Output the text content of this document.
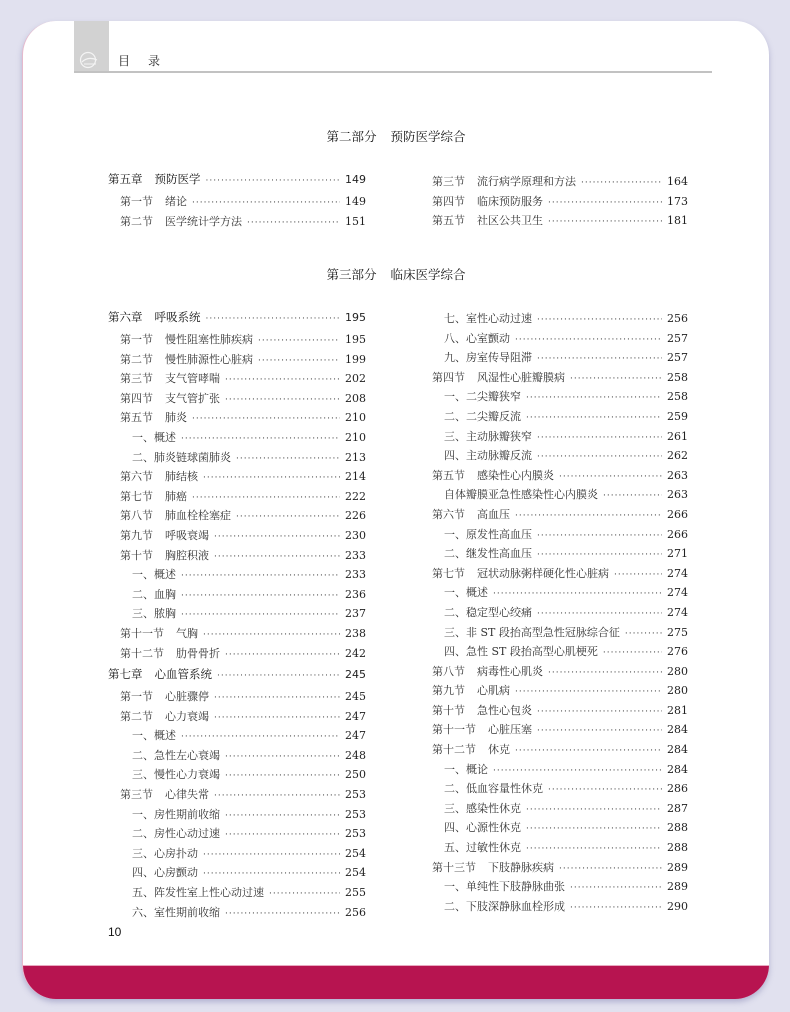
目 录
第二部分 预防医学综合
第五章 预防医学 ·····	149
第一节 绪论 ·····	149
第二节 医学统计学方法 ·····	151
第三节 流行病学原理和方法 ·····	164
第四节 临床预防服务 ·····	173
第五节 社区公共卫生 ·····	181
第三部分 临床医学综合
第六章 呼吸系统 ·····	195
第一节 慢性阻塞性肺疾病 ·····	195
第二节 慢性肺源性心脏病 ·····	199
第三节 支气管哮喘 ·····	202
第四节 支气管扩张 ·····	208
第五节 肺炎 ·····	210
一、概述 ·····	210
二、肺炎链球菌肺炎 ·····	213
第六节 肺结核 ·····	214
第七节 肺癌 ·····	222
第八节 肺血栓栓塞症 ·····	226
第九节 呼吸衰竭 ·····	230
第十节 胸腔积液 ·····	233
一、概述 ·····	233
二、血胸 ·····	236
三、脓胸 ·····	237
第十一节 气胸 ·····	238
第十二节 肋骨骨折 ·····	242
第七章 心血管系统 ·····	245
第一节 心脏骤停 ·····	245
第二节 心力衰竭 ·····	247
一、概述 ·····	247
二、急性左心衰竭 ·····	248
三、慢性心力衰竭 ·····	250
第三节 心律失常 ·····	253
一、房性期前收缩 ·····	253
二、房性心动过速 ·····	253
三、心房扑动 ·····	254
四、心房颤动 ·····	254
五、阵发性室上性心动过速 ·····	255
六、室性期前收缩 ·····	256
七、室性心动过速 ·····	256
八、心室颤动 ·····	257
九、房室传导阻滞 ·····	257
第四节 风湿性心脏瓣膜病 ·····	258
一、二尖瓣狭窄 ·····	258
二、二尖瓣反流 ·····	259
三、主动脉瓣狭窄 ·····	261
四、主动脉瓣反流 ·····	262
第五节 感染性心内膜炎 ·····	263
自体瓣膜亚急性感染性心内膜炎 ·····	263
第六节 高血压 ·····	266
一、原发性高血压 ·····	266
二、继发性高血压 ·····	271
第七节 冠状动脉粥样硬化性心脏病 ·····	274
一、概述 ·····	274
二、稳定型心绞痛 ·····	274
三、非 ST 段抬高型急性冠脉综合征 ·····	275
四、急性 ST 段抬高型心肌梗死 ·····	276
第八节 病毒性心肌炎 ·····	280
第九节 心肌病 ·····	280
第十节 急性心包炎 ·····	281
第十一节 心脏压塞 ·····	284
第十二节 休克 ·····	284
一、概论 ·····	284
二、低血容量性休克 ·····	286
三、感染性休克 ·····	287
四、心源性休克 ·····	288
五、过敏性休克 ·····	288
第十三节 下肢静脉疾病 ·····	289
一、单纯性下肢静脉曲张 ·····	289
二、下肢深静脉血栓形成 ·····	290
10
